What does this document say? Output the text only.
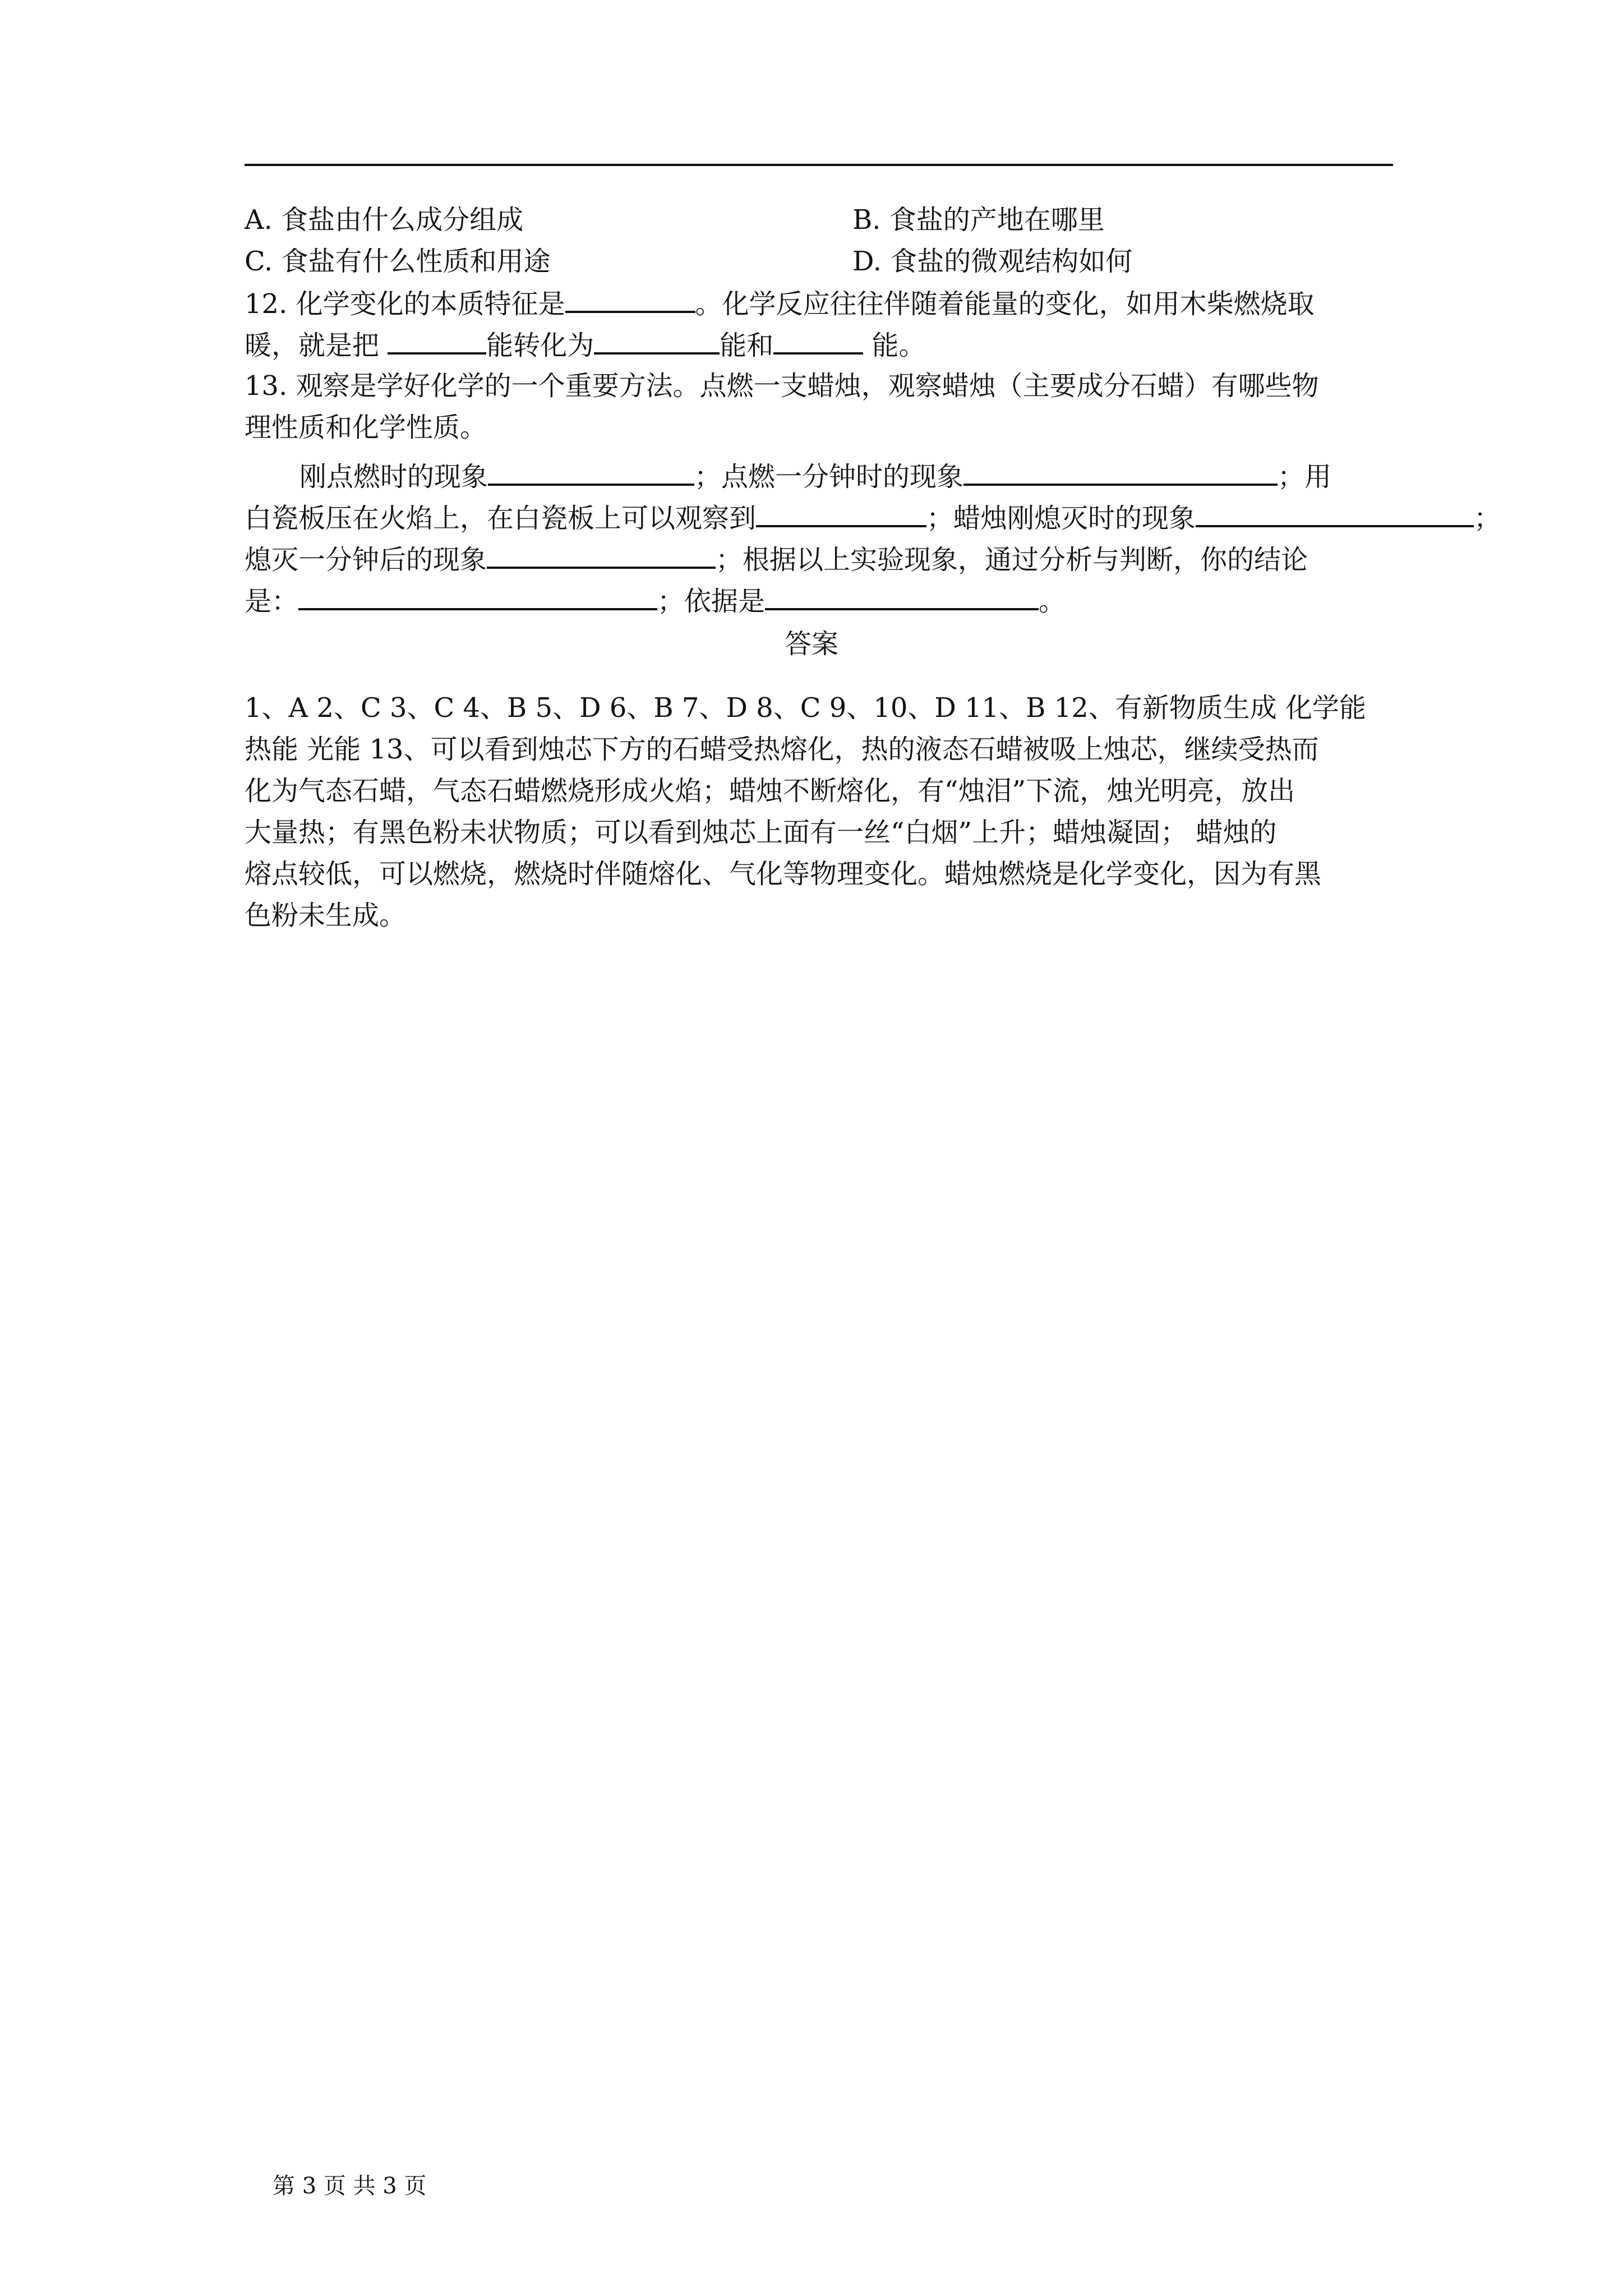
A. 食盐由什么成分组成	B. 食盐的产地在哪里
C. 食盐有什么性质和用途	D. 食盐的微观结构如何
12. 化学变化的本质特征是	。化学反应往往伴随着能量的变化，如用木柴燃烧取
暖，就是把	能转化为	能和	能。
13. 观察是学好化学的一个重要方法。点燃一支蜡烛，观察蜡烛（主要成分石蜡）有哪些物
理性质和化学性质。
刚点燃时的现象	；点燃一分钟时的现象	；用
白瓷板压在火焰上，在白瓷板上可以观察到	；蜡烛刚熄灭时的现象	；
熄灭一分钟后的现象	；根据以上实验现象，通过分析与判断，你的结论
是：	；依据是	。
答案
1、A 2、C 3、C 4、B 5、D 6、B 7、D 8、C 9、10、D 11、B 12、有新物质生成 化学能
热能 光能 13、可以看到烛芯下方的石蜡受热熔化，热的液态石蜡被吸上烛芯，继续受热而
化为气态石蜡，气态石蜡燃烧形成火焰；蜡烛不断熔化，有“烛泪”下流，烛光明亮，放出
大量热；有黑色粉未状物质；可以看到烛芯上面有一丝“白烟”上升；蜡烛凝固； 蜡烛的
熔点较低，可以燃烧，燃烧时伴随熔化、气化等物理变化。蜡烛燃烧是化学变化，因为有黑
色粉未生成。
第 3 页 共 3 页
